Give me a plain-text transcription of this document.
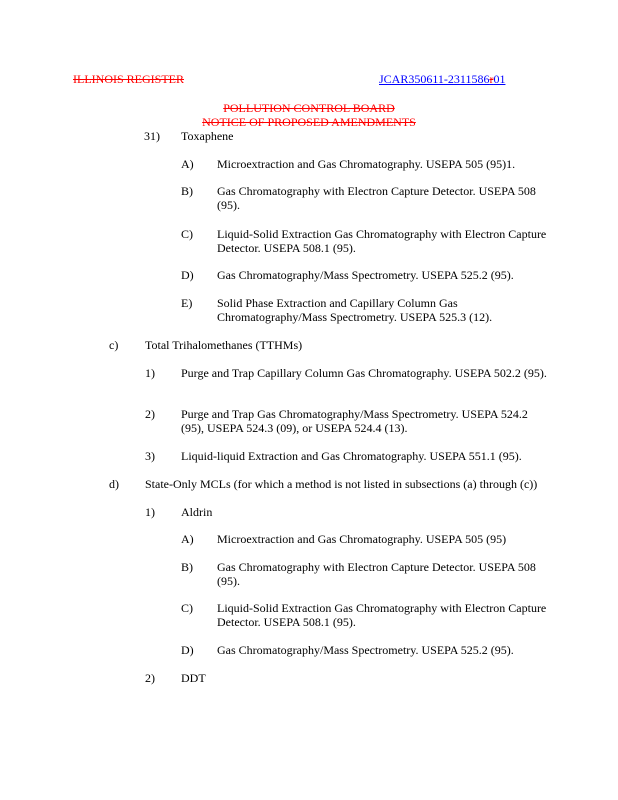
ILLINOIS REGISTER	JCAR350611-2311586r01
POLLUTION CONTROL BOARD
NOTICE OF PROPOSED AMENDMENTS
31) Toxaphene
A) Microextraction and Gas Chromatography. USEPA 505 (95)1.
B) Gas Chromatography with Electron Capture Detector. USEPA 508 (95).
C) Liquid-Solid Extraction Gas Chromatography with Electron Capture Detector. USEPA 508.1 (95).
D) Gas Chromatography/Mass Spectrometry. USEPA 525.2 (95).
E) Solid Phase Extraction and Capillary Column Gas Chromatography/Mass Spectrometry. USEPA 525.3 (12).
c) Total Trihalomethanes (TTHMs)
1) Purge and Trap Capillary Column Gas Chromatography. USEPA 502.2 (95).
2) Purge and Trap Gas Chromatography/Mass Spectrometry. USEPA 524.2 (95), USEPA 524.3 (09), or USEPA 524.4 (13).
3) Liquid-liquid Extraction and Gas Chromatography. USEPA 551.1 (95).
d) State-Only MCLs (for which a method is not listed in subsections (a) through (c))
1) Aldrin
A) Microextraction and Gas Chromatography. USEPA 505 (95)
B) Gas Chromatography with Electron Capture Detector. USEPA 508 (95).
C) Liquid-Solid Extraction Gas Chromatography with Electron Capture Detector. USEPA 508.1 (95).
D) Gas Chromatography/Mass Spectrometry. USEPA 525.2 (95).
2) DDT
